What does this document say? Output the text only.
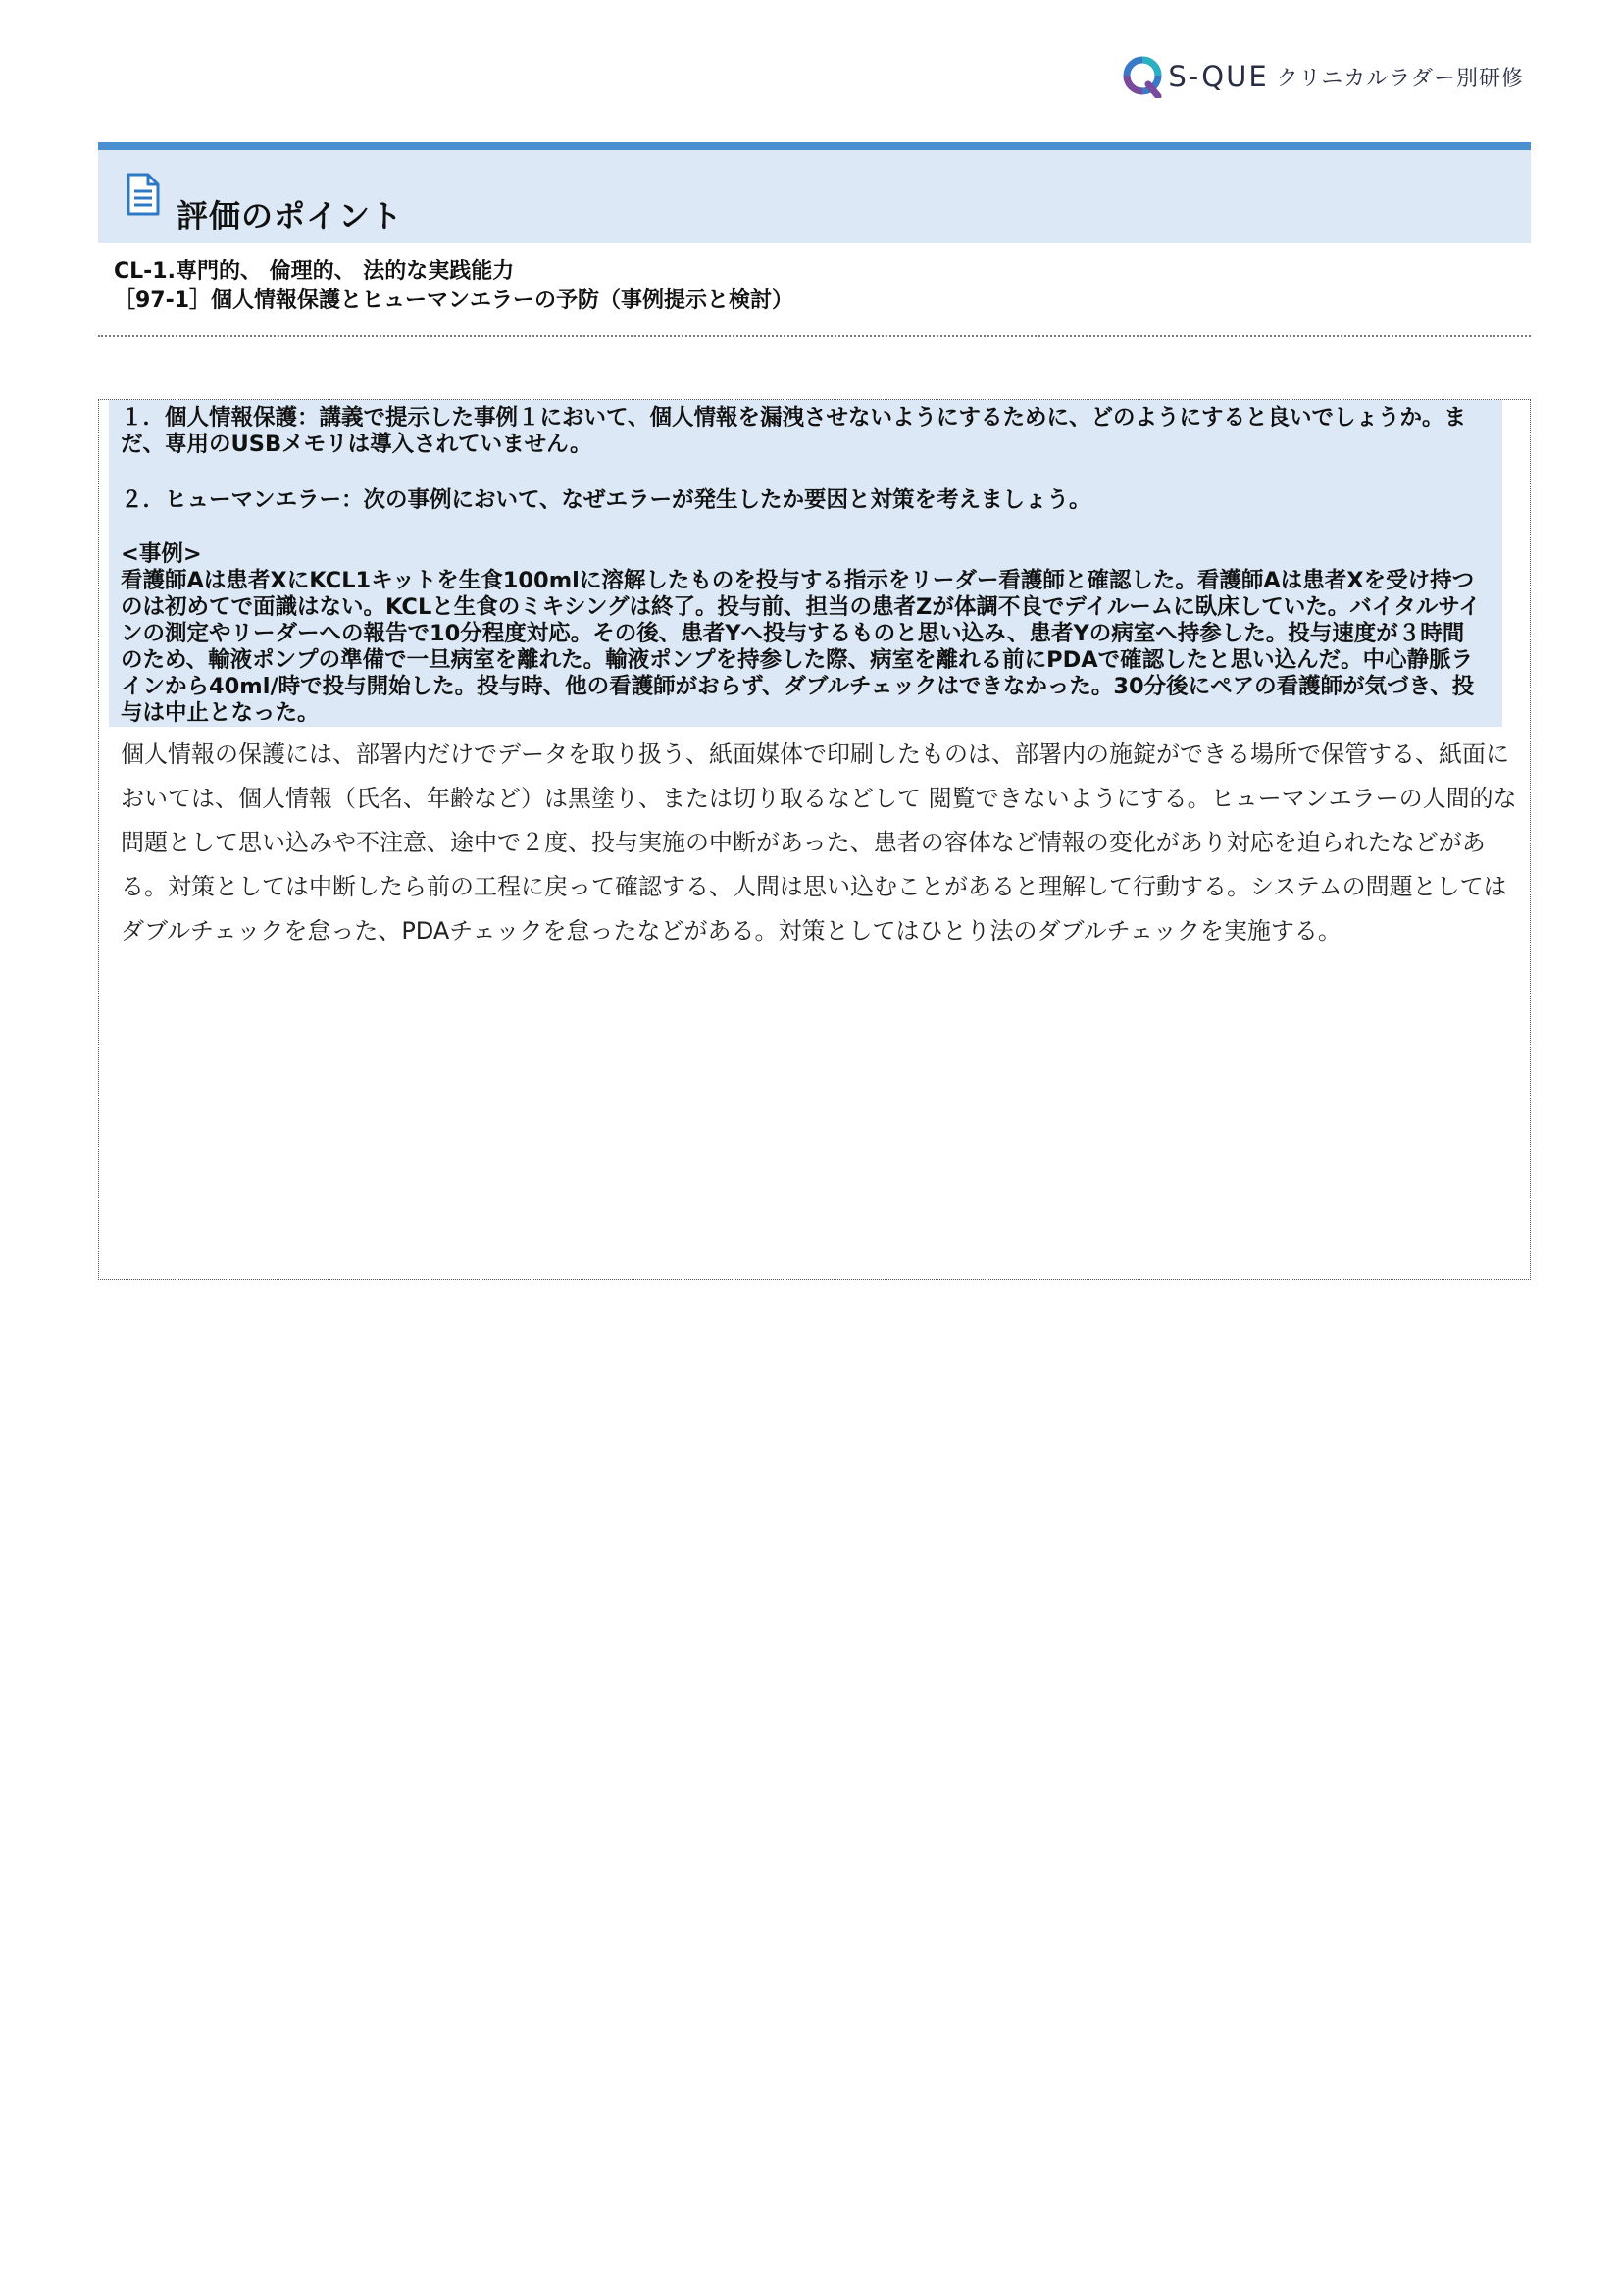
S-QUE クリニカルラダー別研修
評価のポイント
CL-1.専門的、 倫理的、 法的な実践能力
［97-1］個人情報保護とヒューマンエラーの予防（事例提示と検討）

１．個人情報保護：講義で提示した事例１において、個人情報を漏洩させないようにするために、どのようにすると良いでしょうか。まだ、専用のUSBメモリは導入されていません。

２．ヒューマンエラー：次の事例において、なぜエラーが発生したか要因と対策を考えましょう。

<事例>

看護師Aは患者XにKCL1キットを生食100mlに溶解したものを投与する指示をリーダー看護師と確認した。看護師Aは患者Xを受け持つのは初めてで面識はない。KCLと生食のミキシングは終了。投与前、担当の患者Zが体調不良でデイルームに臥床していた。バイタルサインの測定やリーダーへの報告で10分程度対応。その後、患者Yへ投与するものと思い込み、患者Yの病室へ持参した。投与速度が３時間のため、輸液ポンプの準備で一旦病室を離れた。輸液ポンプを持参した際、病室を離れる前にPDAで確認したと思い込んだ。中心静脈ラインから40ml/時で投与開始した。投与時、他の看護師がおらず、ダブルチェックはできなかった。30分後にペアの看護師が気づき、投与は中止となった。

個人情報の保護には、部署内だけでデータを取り扱う、紙面媒体で印刷したものは、部署内の施錠ができる場所で保管する、紙面においては、個人情報（氏名、年齢など）は黒塗り、または切り取るなどして 閲覧できないようにする。ヒューマンエラーの人間的な問題として思い込みや不注意、途中で２度、投与実施の中断があった、患者の容体など情報の変化があり対応を迫られたなどがある。対策としては中断したら前の工程に戻って確認する、人間は思い込むことがあると理解して行動する。システムの問題としてはダブルチェックを怠った、PDAチェックを怠ったなどがある。対策としてはひとり法のダブルチェックを実施する。
